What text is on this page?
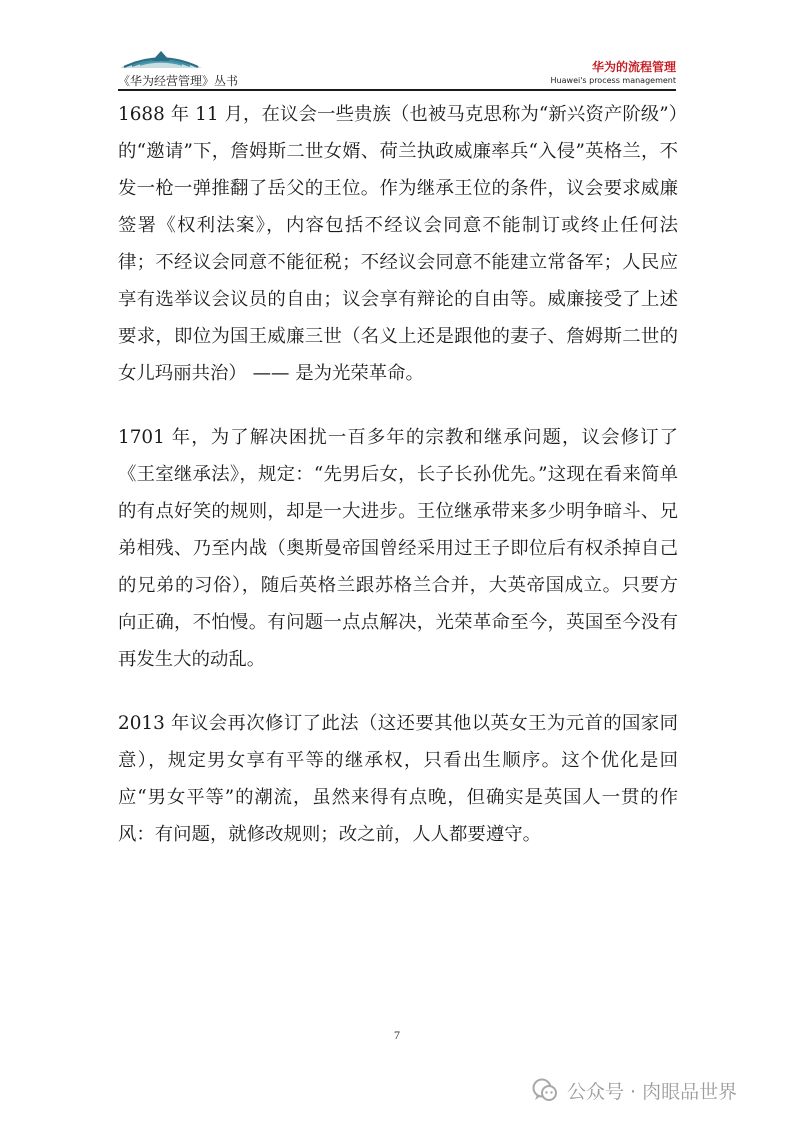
《华为经营管理》丛书
华为的流程管理
Huawei's process management

1688 年 11 月，在议会一些贵族（也被马克思称为“新兴资产阶级”）的“邀请”下，詹姆斯二世女婿、荷兰执政威廉率兵“入侵”英格兰，不发一枪一弹推翻了岳父的王位。作为继承王位的条件，议会要求威廉签署《权利法案》，内容包括不经议会同意不能制订或终止任何法律；不经议会同意不能征税；不经议会同意不能建立常备军；人民应享有选举议会议员的自由；议会享有辩论的自由等。威廉接受了上述要求，即位为国王威廉三世（名义上还是跟他的妻子、詹姆斯二世的女儿玛丽共治） —— 是为光荣革命。

1701 年，为了解决困扰一百多年的宗教和继承问题，议会修订了《王室继承法》，规定：“先男后女，长子长孙优先。”这现在看来简单的有点好笑的规则，却是一大进步。王位继承带来多少明争暗斗、兄弟相残、乃至内战（奥斯曼帝国曾经采用过王子即位后有权杀掉自己的兄弟的习俗），随后英格兰跟苏格兰合并，大英帝国成立。只要方向正确，不怕慢。有问题一点点解决，光荣革命至今，英国至今没有再发生大的动乱。

2013 年议会再次修订了此法（这还要其他以英女王为元首的国家同意），规定男女享有平等的继承权，只看出生顺序。这个优化是回应“男女平等”的潮流，虽然来得有点晚，但确实是英国人一贯的作风：有问题，就修改规则；改之前，人人都要遵守。

7
公众号 · 肉眼品世界
